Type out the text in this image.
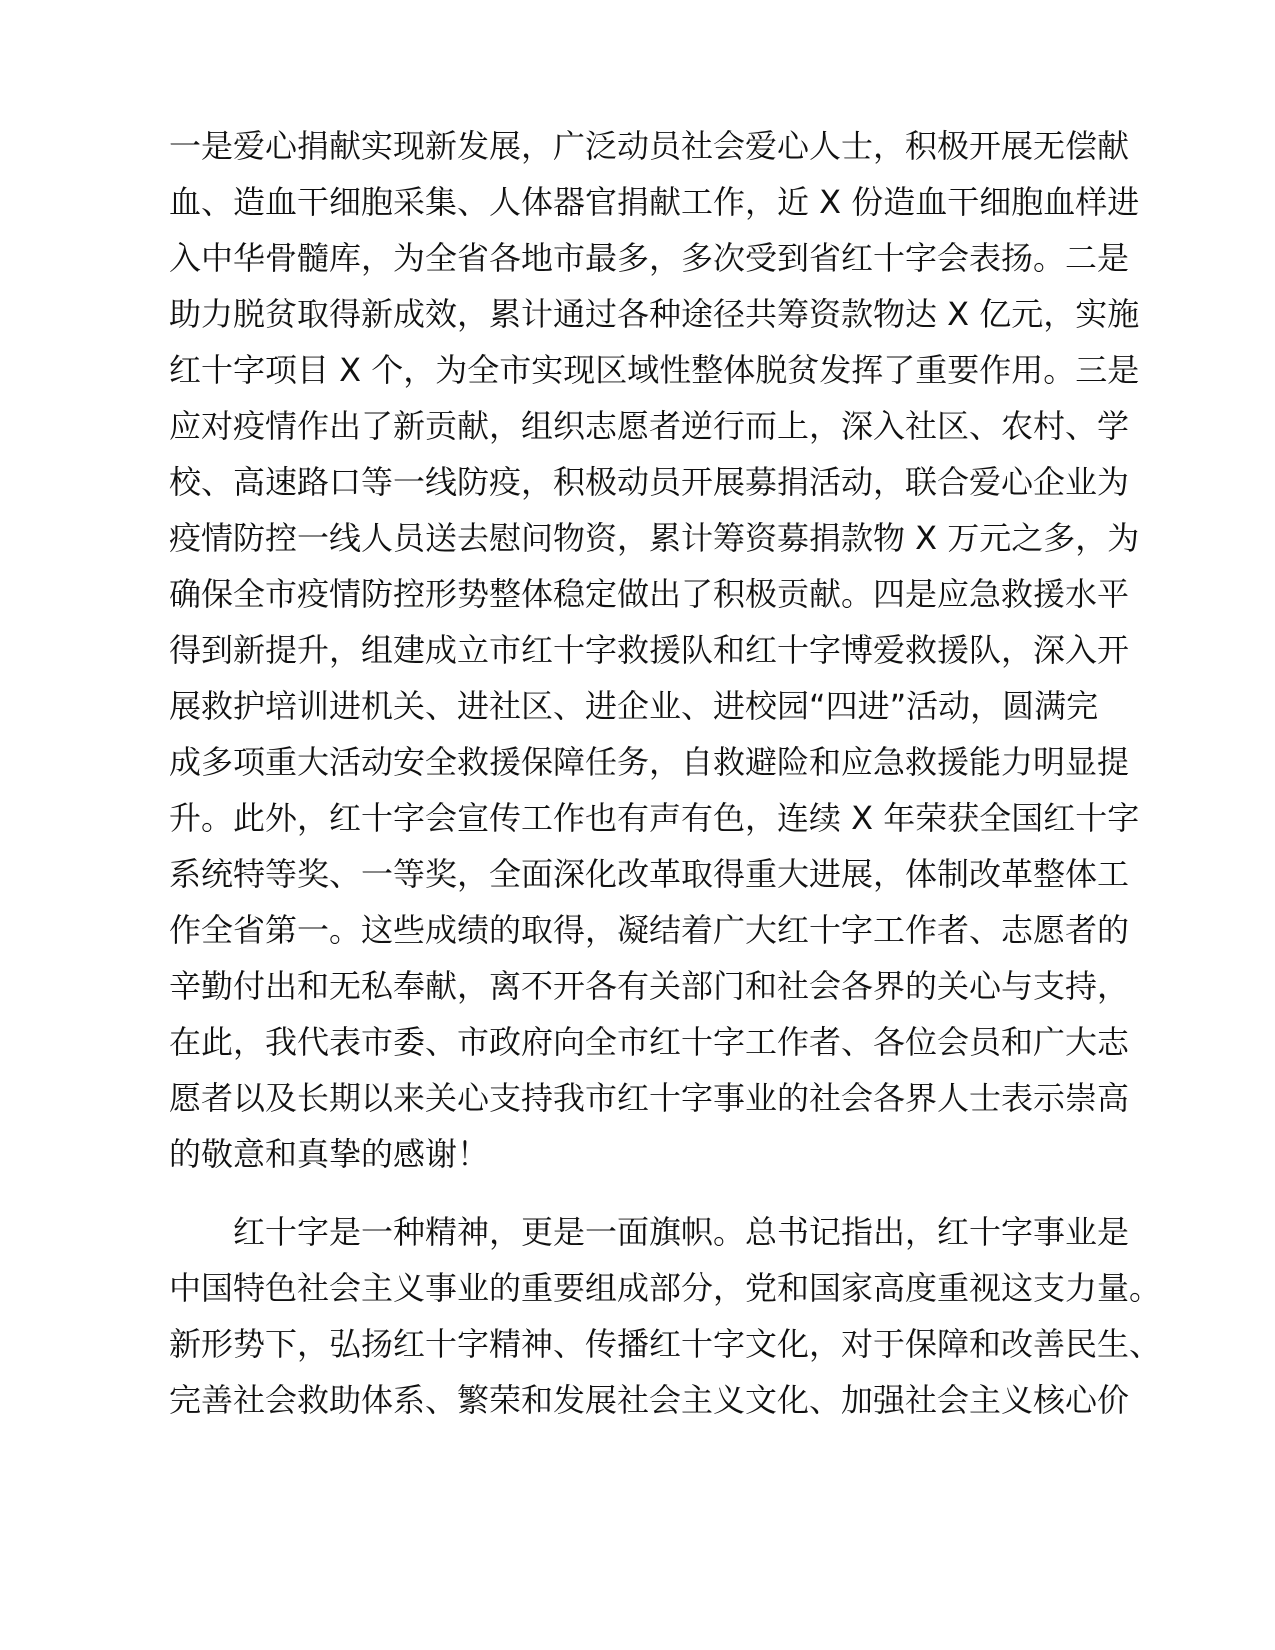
一是爱心捐献实现新发展，广泛动员社会爱心人士，积极开展无偿献
血、造血干细胞采集、人体器官捐献工作，近 X 份造血干细胞血样进
入中华骨髓库，为全省各地市最多，多次受到省红十字会表扬。二是
助力脱贫取得新成效，累计通过各种途径共筹资款物达 X 亿元，实施
红十字项目 X 个，为全市实现区域性整体脱贫发挥了重要作用。三是
应对疫情作出了新贡献，组织志愿者逆行而上，深入社区、农村、学
校、高速路口等一线防疫，积极动员开展募捐活动，联合爱心企业为
疫情防控一线人员送去慰问物资，累计筹资募捐款物 X 万元之多，为
确保全市疫情防控形势整体稳定做出了积极贡献。四是应急救援水平
得到新提升，组建成立市红十字救援队和红十字博爱救援队，深入开
展救护培训进机关、进社区、进企业、进校园“四进”活动，圆满完
成多项重大活动安全救援保障任务，自救避险和应急救援能力明显提
升。此外，红十字会宣传工作也有声有色，连续 X 年荣获全国红十字
系统特等奖、一等奖，全面深化改革取得重大进展，体制改革整体工
作全省第一。这些成绩的取得，凝结着广大红十字工作者、志愿者的
辛勤付出和无私奉献，离不开各有关部门和社会各界的关心与支持，
在此，我代表市委、市政府向全市红十字工作者、各位会员和广大志
愿者以及长期以来关心支持我市红十字事业的社会各界人士表示崇高
的敬意和真挚的感谢！
红十字是一种精神，更是一面旗帜。总书记指出，红十字事业是
中国特色社会主义事业的重要组成部分，党和国家高度重视这支力量。
新形势下，弘扬红十字精神、传播红十字文化，对于保障和改善民生、
完善社会救助体系、繁荣和发展社会主义文化、加强社会主义核心价
